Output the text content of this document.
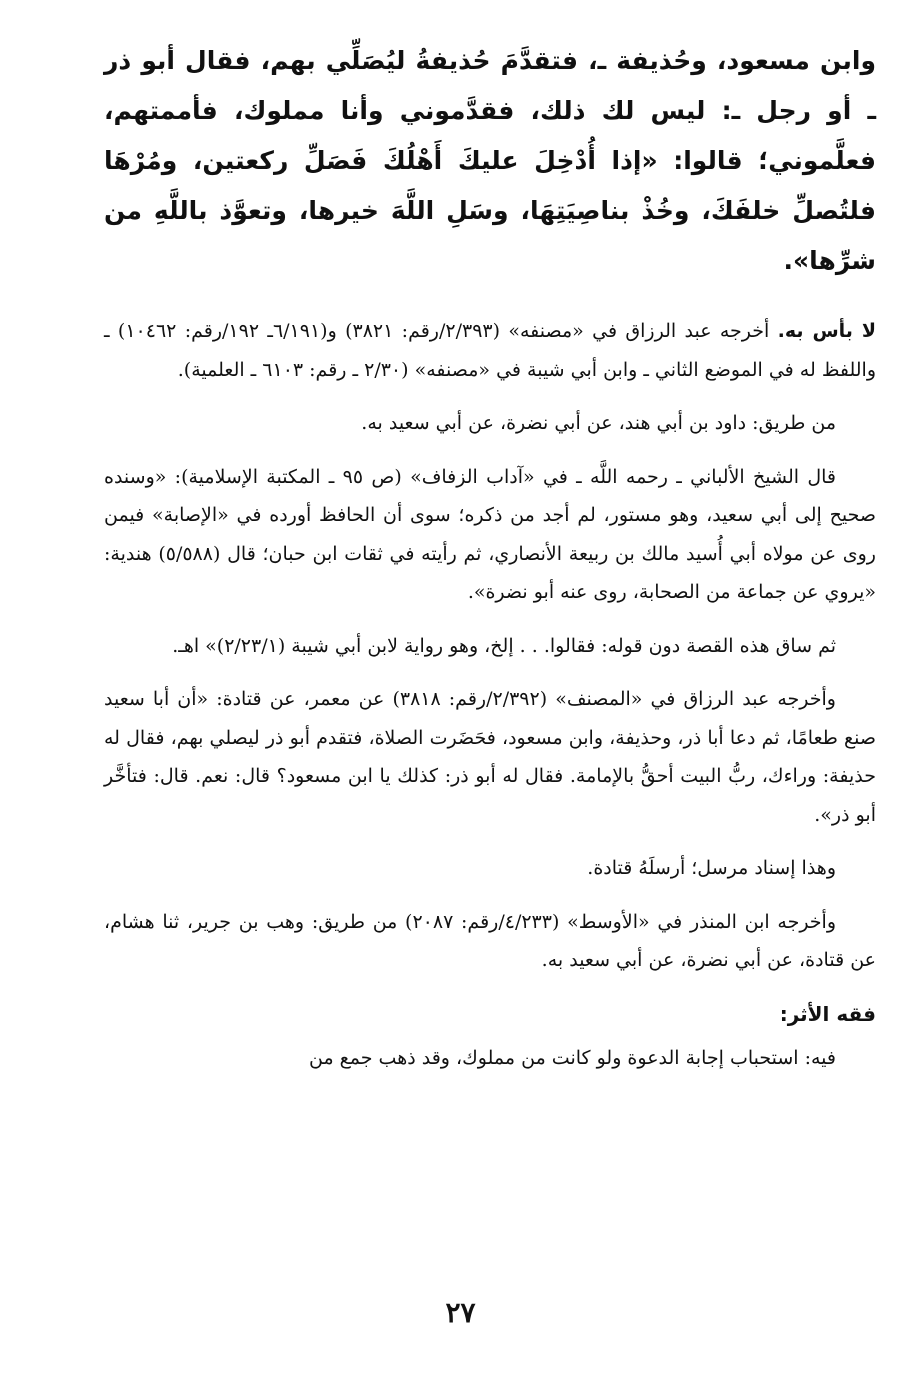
وابن مسعود، وحُذيفة ـ، فتقدَّمَ حُذيفةُ ليُصَلِّي بهم، فقال أبو ذر ـ أو رجل ـ: ليس لك ذلك، فقدَّموني وأنا مملوك، فأممتهم، فعلَّموني؛ قالوا: «إذا أُدْخِلَ عليكَ أَهْلُكَ فَصَلِّ ركعتين، ومُرْهَا فلتُصلِّ خلفَكَ، وخُذْ بناصِيَتِهَا، وسَلِ اللَّهَ خيرها، وتعوَّذ باللَّهِ من شرِّها».

لا بأس به. أخرجه عبد الرزاق في «مصنفه» (٢/٣٩٣/رقم: ٣٨٢١) و(٦/١٩١ـ ١٩٢/رقم: ١٠٤٦٢) ـ واللفظ له في الموضع الثاني ـ وابن أبي شيبة في «مصنفه» (٢/٣٠ ـ رقم: ٦١٠٣ ـ العلمية).

من طريق: داود بن أبي هند، عن أبي نضرة، عن أبي سعيد به.

قال الشيخ الألباني ـ رحمه اللَّه ـ في «آداب الزفاف» (ص ٩٥ ـ المكتبة الإسلامية): «وسنده صحيح إلى أبي سعيد، وهو مستور، لم أجد من ذكره؛ سوى أن الحافظ أورده في «الإصابة» فيمن روى عن مولاه أبي أُسيد مالك بن ربيعة الأنصاري، ثم رأيته في ثقات ابن حبان؛ قال (٥/٥٨٨) هندية: «يروي عن جماعة من الصحابة، روى عنه أبو نضرة».

ثم ساق هذه القصة دون قوله: فقالوا. . . إلخ، وهو رواية لابن أبي شيبة (٢/٢٣/١)» اهـ.

وأخرجه عبد الرزاق في «المصنف» (٢/٣٩٢/رقم: ٣٨١٨) عن معمر، عن قتادة: «أن أبا سعيد صنع طعامًا، ثم دعا أبا ذر، وحذيفة، وابن مسعود، فحَضَرت الصلاة، فتقدم أبو ذر ليصلي بهم، فقال له حذيفة: وراءك، ربُّ البيت أحقُّ بالإمامة. فقال له أبو ذر: كذلك يا ابن مسعود؟ قال: نعم. قال: فتأخَّر أبو ذر».

وهذا إسناد مرسل؛ أرسلَهُ قتادة.

وأخرجه ابن المنذر في «الأوسط» (٤/٢٣٣/رقم: ٢٠٨٧) من طريق: وهب بن جرير، ثنا هشام، عن قتادة، عن أبي نضرة، عن أبي سعيد به.

فقه الأثر:

فيه: استحباب إجابة الدعوة ولو كانت من مملوك، وقد ذهب جمع من

٢٧
